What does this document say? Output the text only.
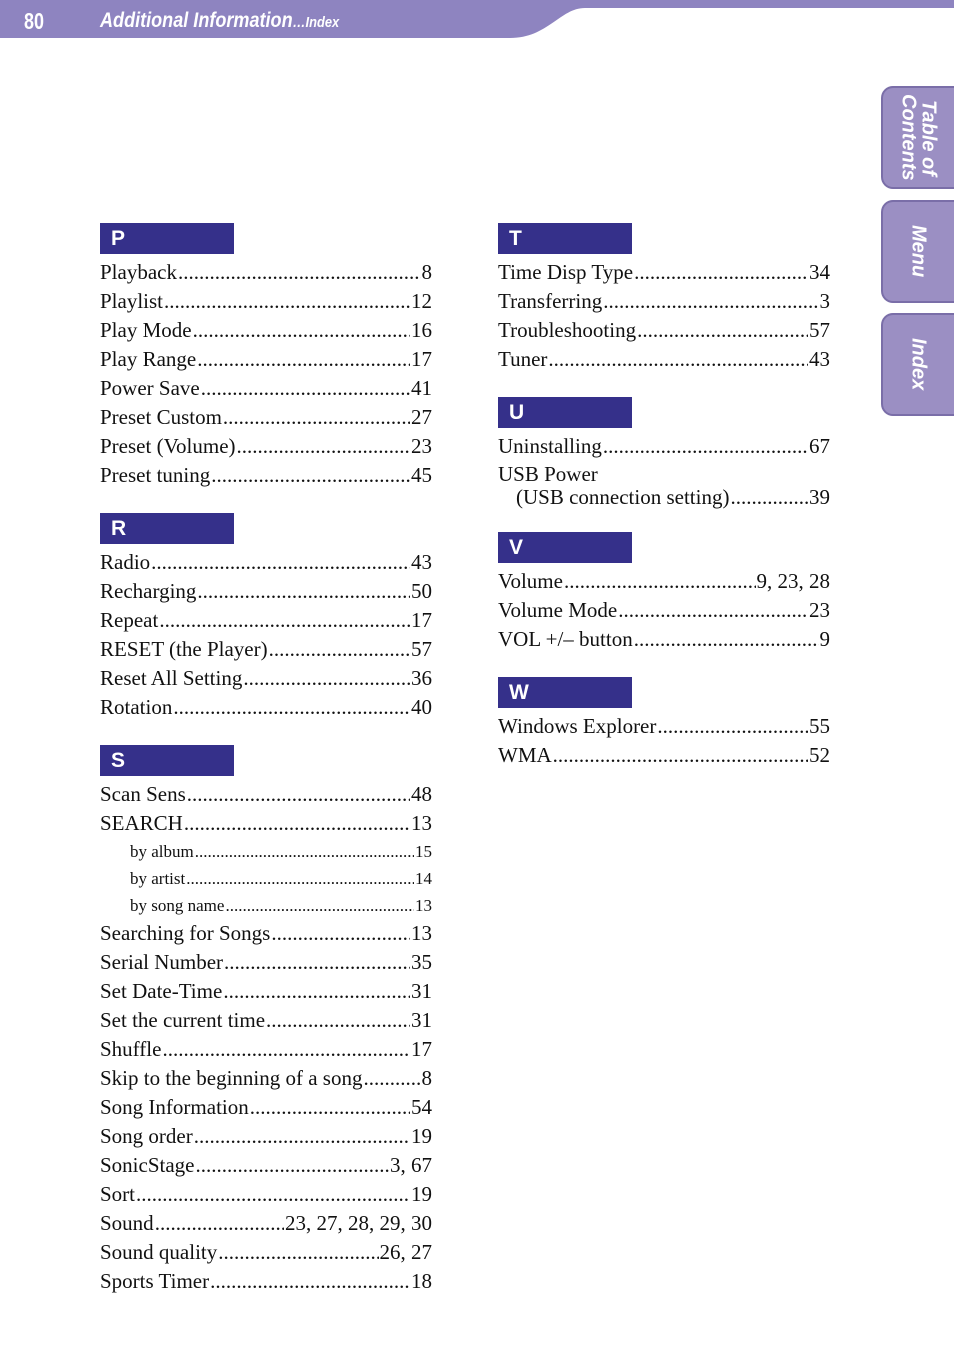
80	Additional Information…Index
Table of
Contents
Menu
Index
P
Playback .....	8
Playlist .....	12
Play Mode .....	16
Play Range .....	17
Power Save .....	41
Preset Custom .....	27
Preset (Volume) .....	23
Preset tuning .....	45
R
Radio .....	43
Recharging .....	50
Repeat .....	17
RESET (the Player) .....	57
Reset All Setting .....	36
Rotation .....	40
S
Scan Sens .....	48
SEARCH .....	13
by album .....	15
by artist .....	14
by song name .....	13
Searching for Songs .....	13
Serial Number .....	35
Set Date-Time .....	31
Set the current time .....	31
Shuffle .....	17
Skip to the beginning of a song .....	8
Song Information .....	54
Song order .....	19
SonicStage .....	3, 67
Sort .....	19
Sound .....	23, 27, 28, 29, 30
Sound quality .....	26, 27
Sports Timer .....	18
T
Time Disp Type .....	34
Transferring .....	3
Troubleshooting .....	57
Tuner .....	43
U
Uninstalling .....	67
USB Power
(USB connection setting) .....	39
V
Volume .....	9, 23, 28
Volume Mode .....	23
VOL +/– button .....	9
W
Windows Explorer .....	55
WMA .....	52
